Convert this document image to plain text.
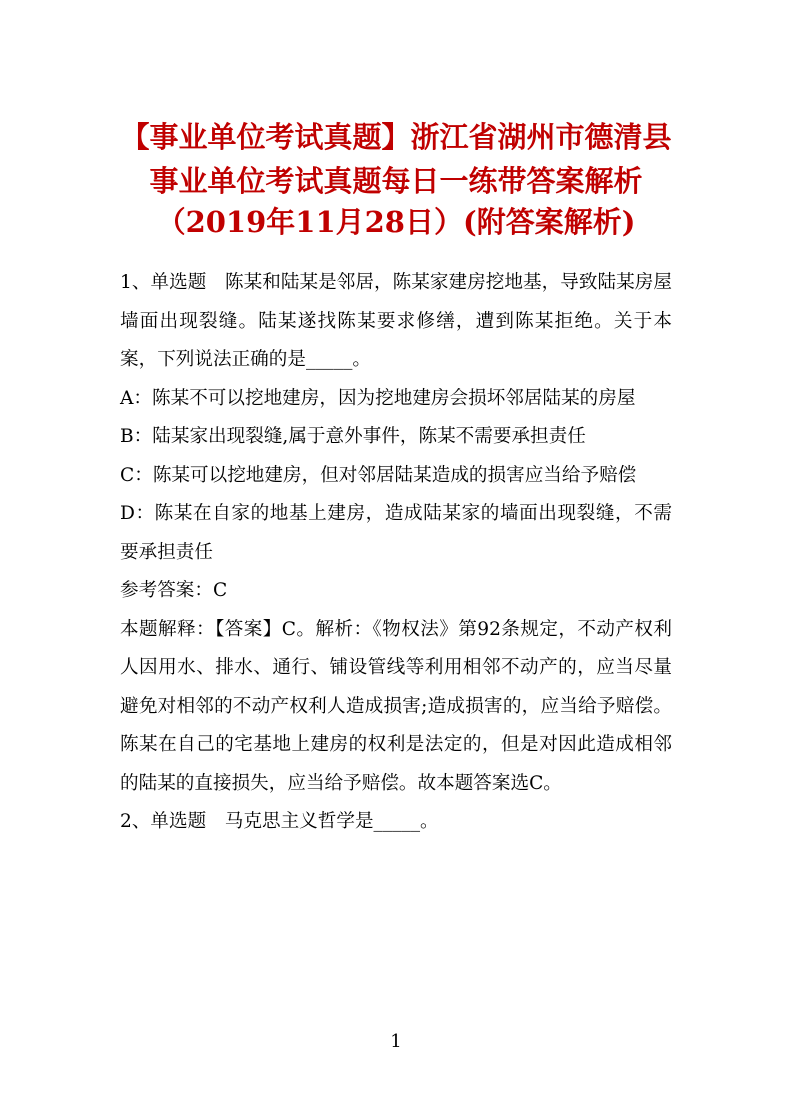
【事业单位考试真题】浙江省湖州市德清县
事业单位考试真题每日一练带答案解析
（2019年11月28日）(附答案解析)

1、单选题　陈某和陆某是邻居，陈某家建房挖地基，导致陆某房屋墙面出现裂缝。陆某遂找陈某要求修缮，遭到陈某拒绝。关于本案，下列说法正确的是_____。

A：陈某不可以挖地建房，因为挖地建房会损坏邻居陆某的房屋

B：陆某家出现裂缝,属于意外事件，陈某不需要承担责任

C：陈某可以挖地建房，但对邻居陆某造成的损害应当给予赔偿

D：陈某在自家的地基上建房，造成陆某家的墙面出现裂缝，不需要承担责任

参考答案：C

本题解释：【答案】C。解析：《物权法》第92条规定，不动产权利人因用水、排水、通行、铺设管线等利用相邻不动产的，应当尽量避免对相邻的不动产权利人造成损害;造成损害的，应当给予赔偿。陈某在自己的宅基地上建房的权利是法定的，但是对因此造成相邻的陆某的直接损失，应当给予赔偿。故本题答案选C。

2、单选题　马克思主义哲学是_____。

1
